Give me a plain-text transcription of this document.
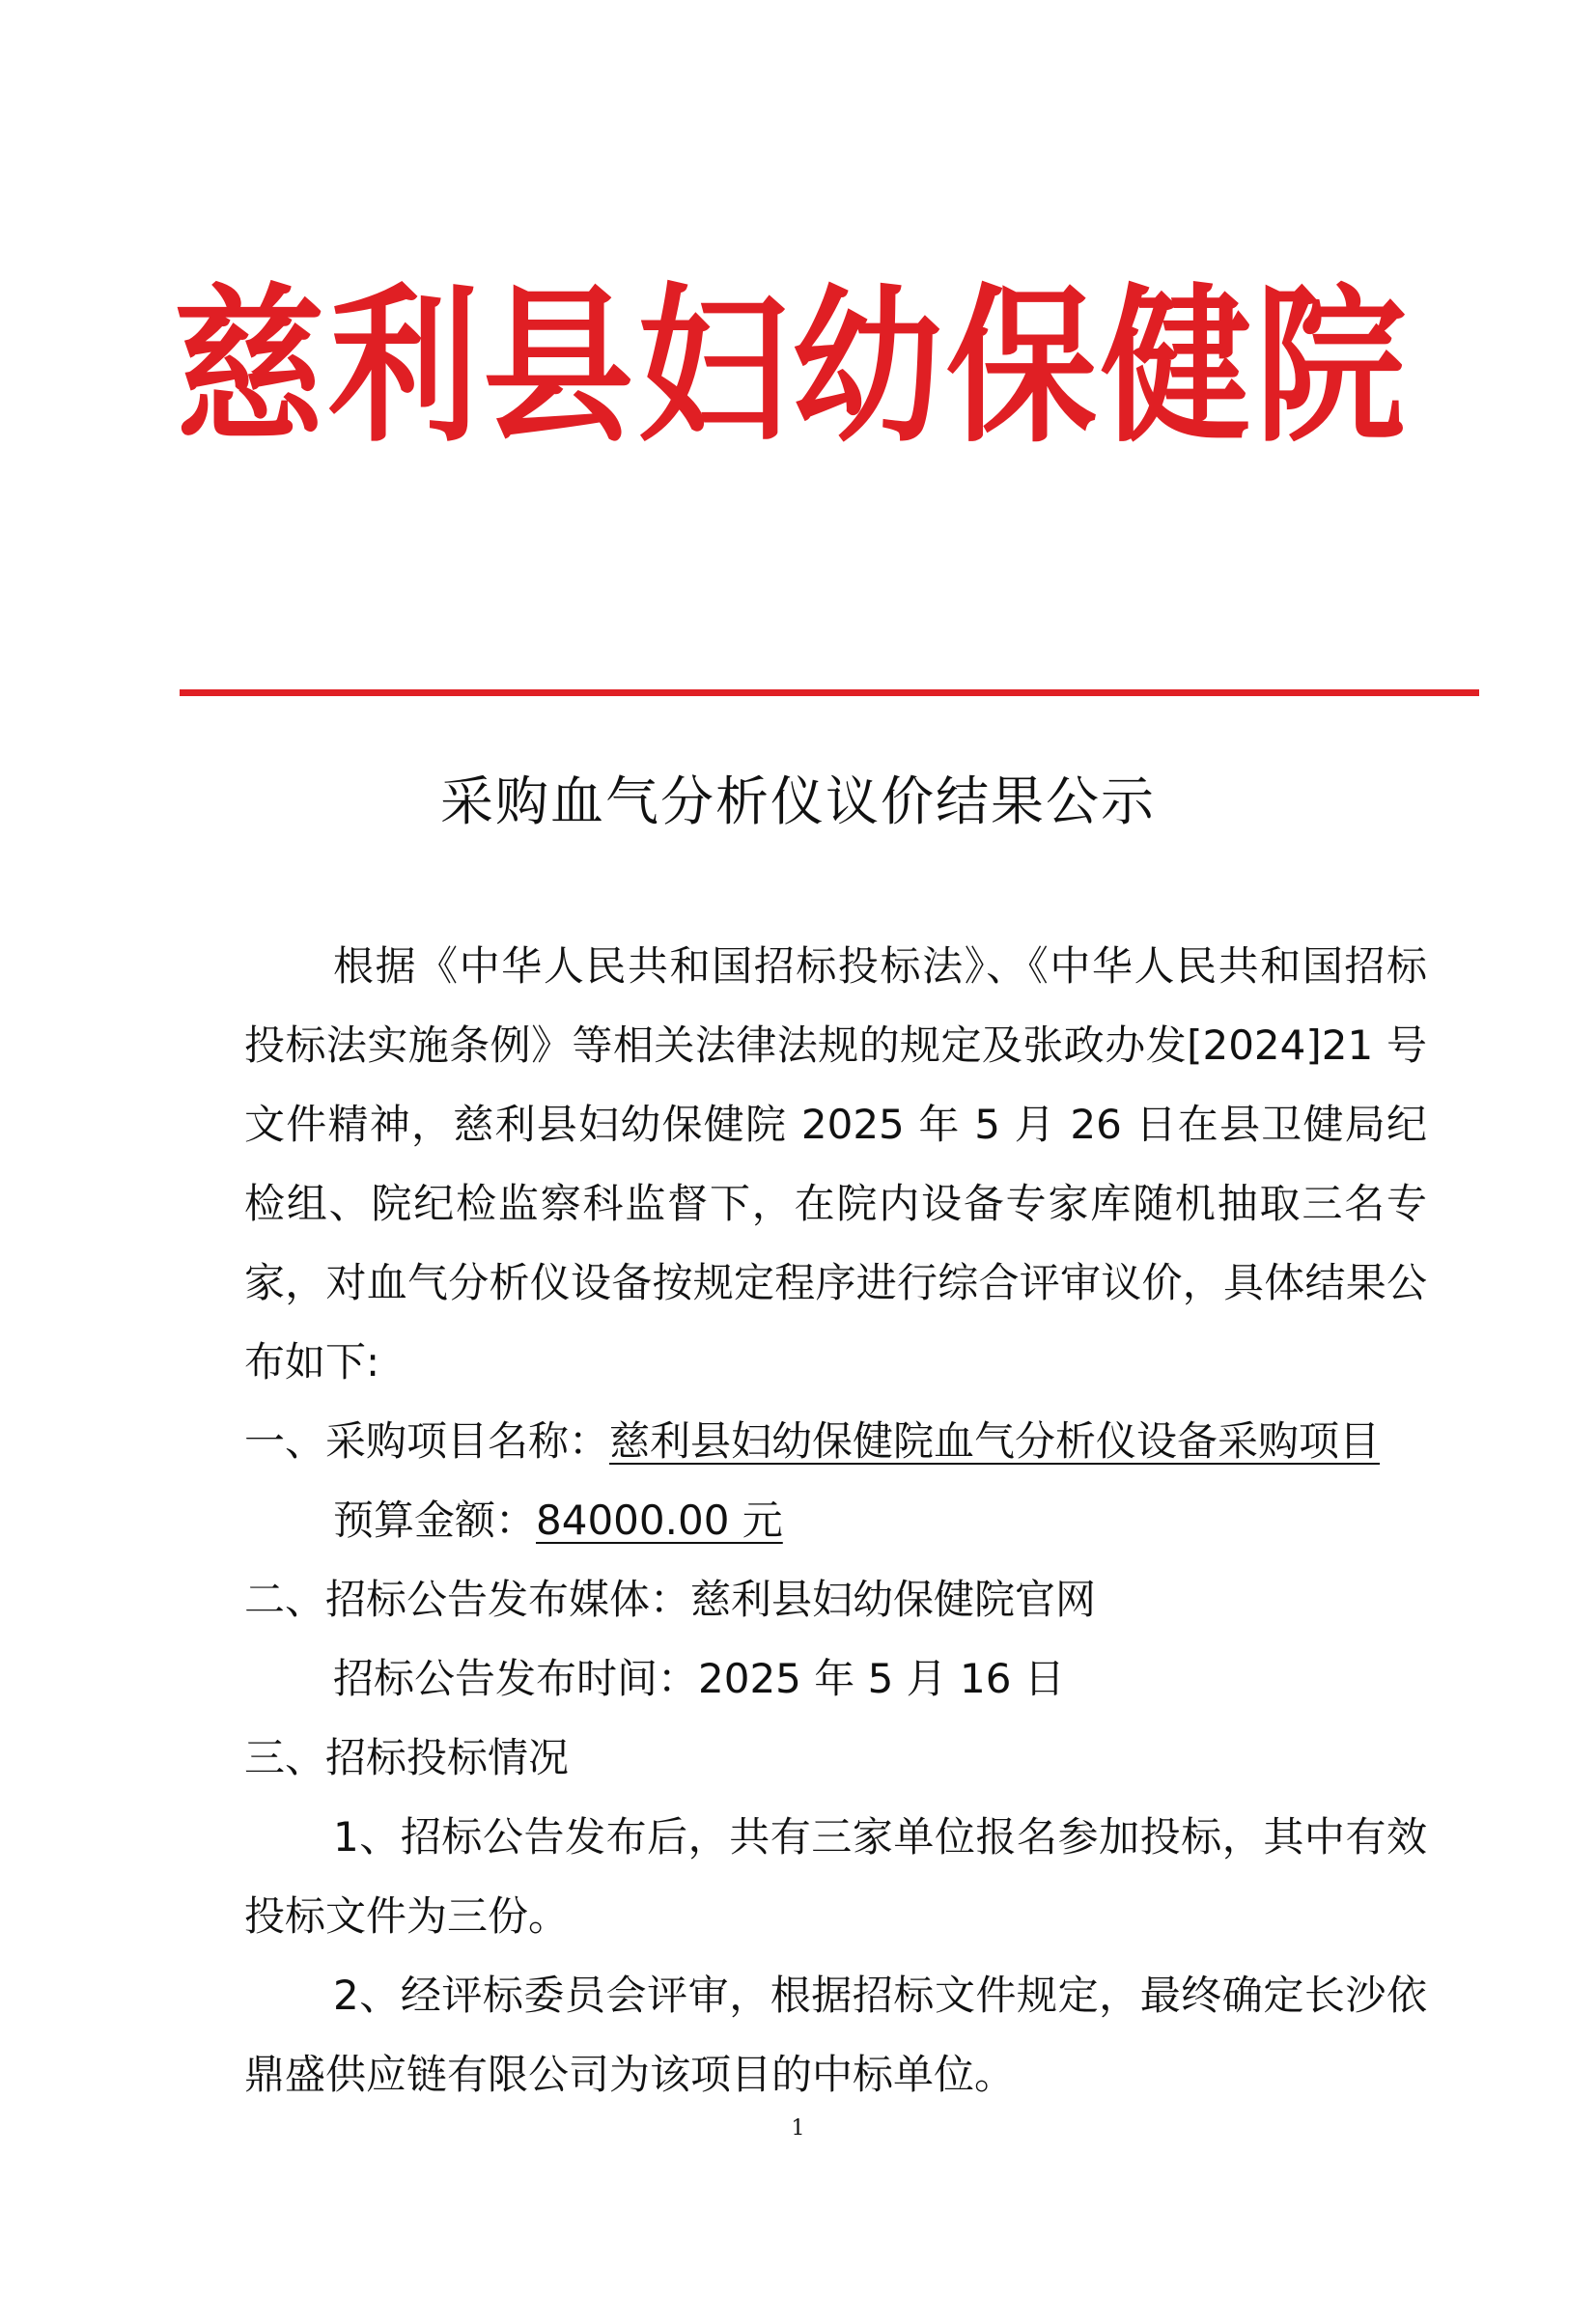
慈利县妇幼保健院
采购血气分析仪议价结果公示

根据《中华人民共和国招标投标法》、《中华人民共和国招标投标法实施条例》等相关法律法规的规定及张政办发[2024]21 号文件精神，慈利县妇幼保健院 2025 年 5 月 26 日在县卫健局纪检组、院纪检监察科监督下，在院内设备专家库随机抽取三名专家，对血气分析仪设备按规定程序进行综合评审议价，具体结果公布如下:

一、采购项目名称：慈利县妇幼保健院血气分析仪设备采购项目
预算金额：84000.00 元
二、招标公告发布媒体：慈利县妇幼保健院官网
招标公告发布时间：2025 年 5 月 16 日
三、招标投标情况

1、招标公告发布后，共有三家单位报名参加投标，其中有效投标文件为三份。

2、经评标委员会评审，根据招标文件规定，最终确定长沙依鼎盛供应链有限公司为该项目的中标单位。

1
